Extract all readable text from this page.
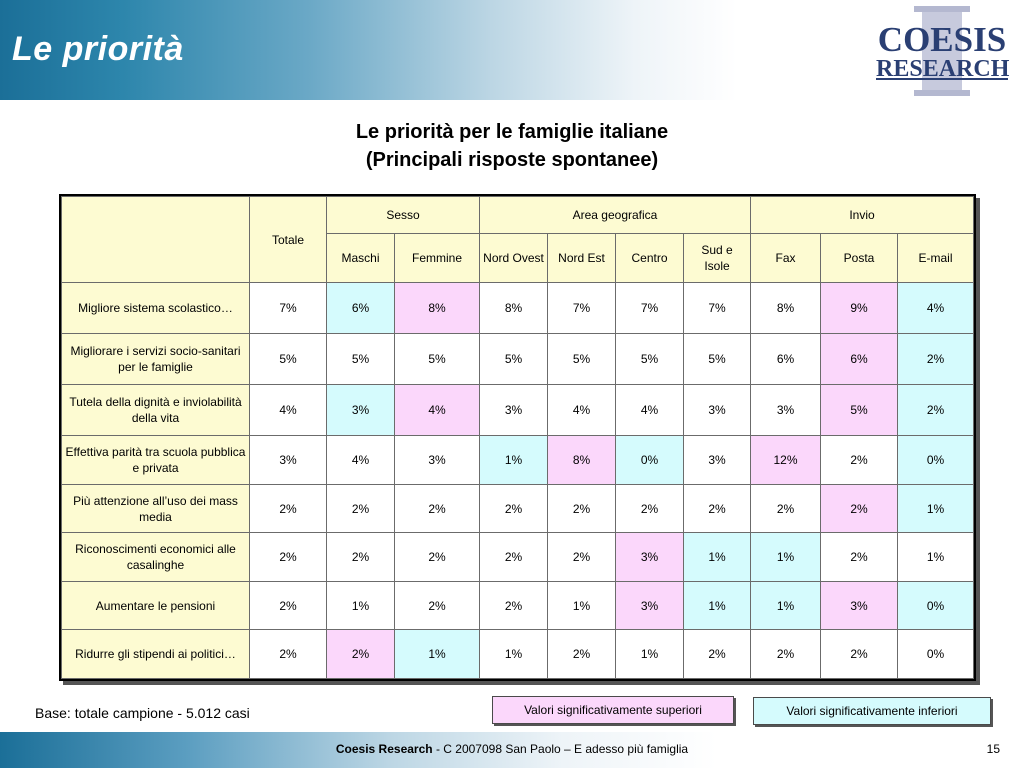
Le priorità	COESIS
RESEARCH
Le priorità per le famiglie italiane
(Principali risposte spontanee)
	Totale	Sesso		Area geografica				Invio		
		Maschi	Femmine	Nord Ovest	Nord Est	Centro	Sud e Isole	Fax	Posta	E-mail
Migliore sistema scolastico…	7%	6%	8%	8%	7%	7%	7%	8%	9%	4%
Migliorare i servizi socio-sanitari per le famiglie	5%	5%	5%	5%	5%	5%	5%	6%	6%	2%
Tutela della dignità e inviolabilità della vita	4%	3%	4%	3%	4%	4%	3%	3%	5%	2%
Effettiva parità tra scuola pubblica e privata	3%	4%	3%	1%	8%	0%	3%	12%	2%	0%
Più attenzione all’uso dei mass media	2%	2%	2%	2%	2%	2%	2%	2%	2%	1%
Riconoscimenti economici alle casalinghe	2%	2%	2%	2%	2%	3%	1%	1%	2%	1%
Aumentare le pensioni	2%	1%	2%	2%	1%	3%	1%	1%	3%	0%
Ridurre gli stipendi ai politici…	2%	2%	1%	1%	2%	1%	2%	2%	2%	0%
Base: totale campione - 5.012 casi	Valori significativamente superiori	Valori significativamente inferiori
Coesis Research - C 2007098 San Paolo – E adesso più famiglia	15
